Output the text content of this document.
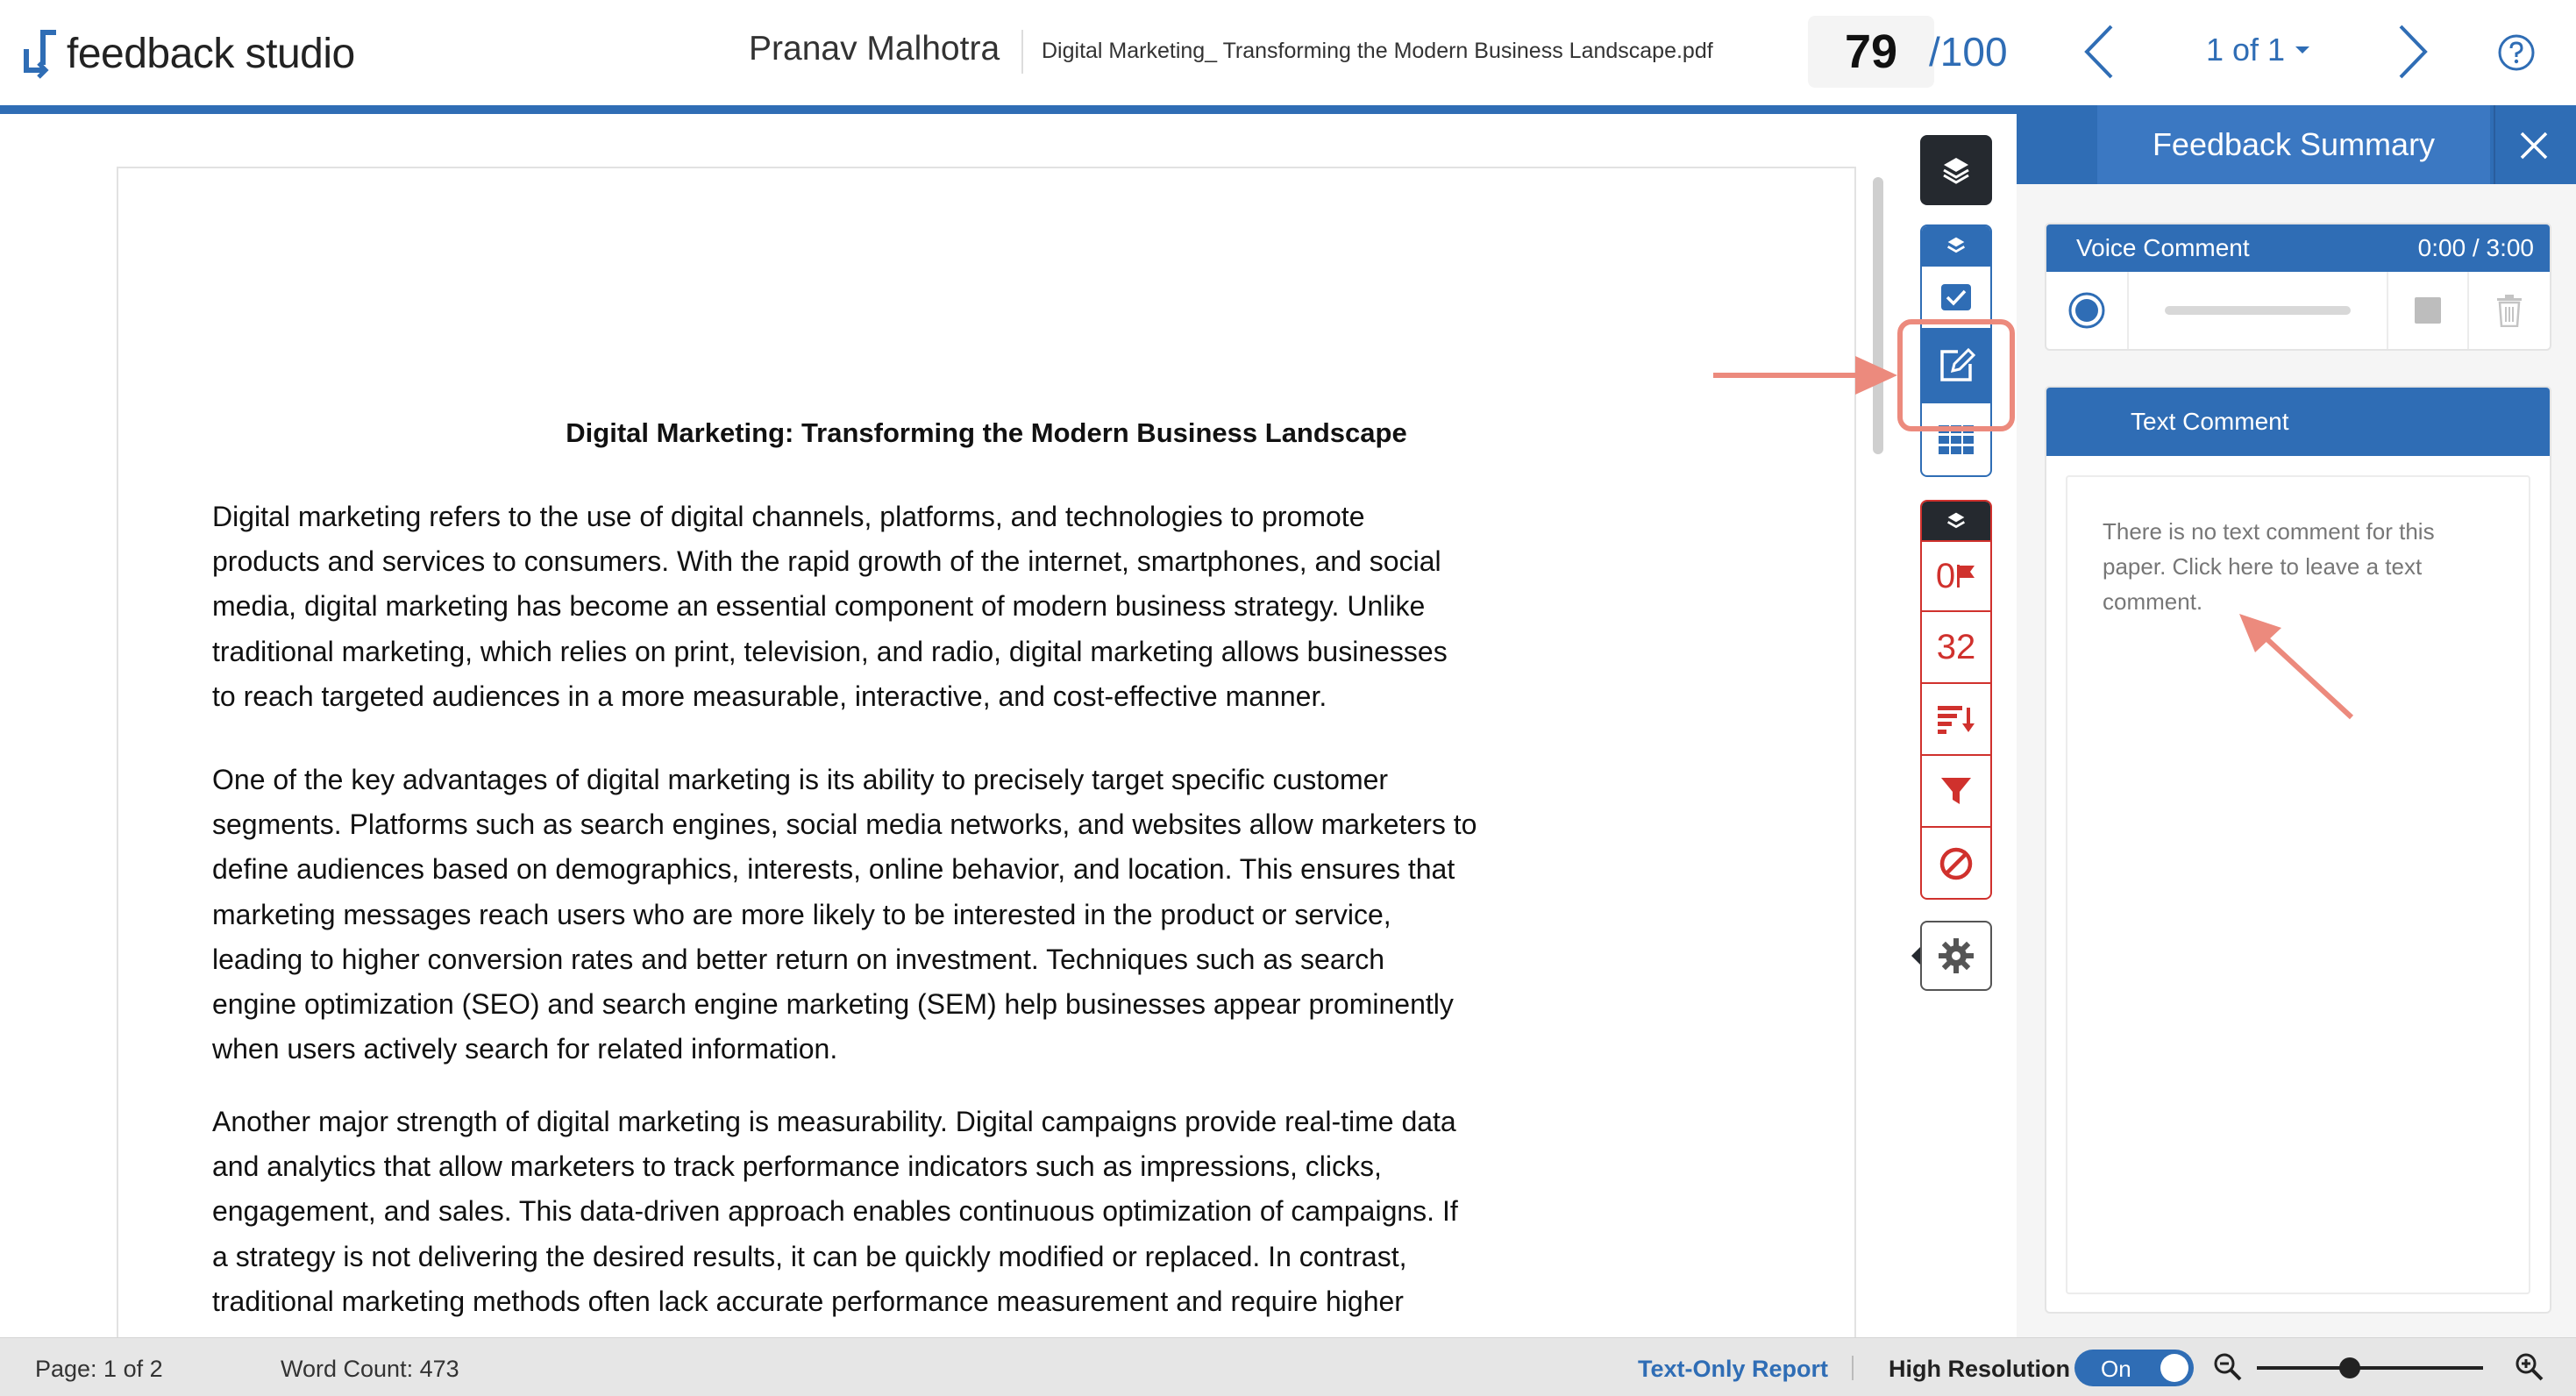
feedback studio	Pranav Malhotra Digital Marketing_ Transforming the Modern Business Landscape.pdf	79 /100	1 of 1
Digital Marketing: Transforming the Modern Business Landscape
Digital marketing refers to the use of digital channels, platforms, and technologies to promote
products and services to consumers. With the rapid growth of the internet, smartphones, and social
media, digital marketing has become an essential component of modern business strategy. Unlike
traditional marketing, which relies on print, television, and radio, digital marketing allows businesses
to reach targeted audiences in a more measurable, interactive, and cost-effective manner.
One of the key advantages of digital marketing is its ability to precisely target specific customer
segments. Platforms such as search engines, social media networks, and websites allow marketers to
define audiences based on demographics, interests, online behavior, and location. This ensures that
marketing messages reach users who are more likely to be interested in the product or service,
leading to higher conversion rates and better return on investment. Techniques such as search
engine optimization (SEO) and search engine marketing (SEM) help businesses appear prominently
when users actively search for related information.
Another major strength of digital marketing is measurability. Digital campaigns provide real-time data
and analytics that allow marketers to track performance indicators such as impressions, clicks,
engagement, and sales. This data-driven approach enables continuous optimization of campaigns. If
a strategy is not delivering the desired results, it can be quickly modified or replaced. In contrast,
traditional marketing methods often lack accurate performance measurement and require higher
0
32
Feedback Summary
Voice Comment	0:00 / 3:00
Text Comment
There is no text comment for this paper. Click here to leave a text comment.
Page: 1 of 2	Word Count: 473	Text-Only Report	High Resolution On
